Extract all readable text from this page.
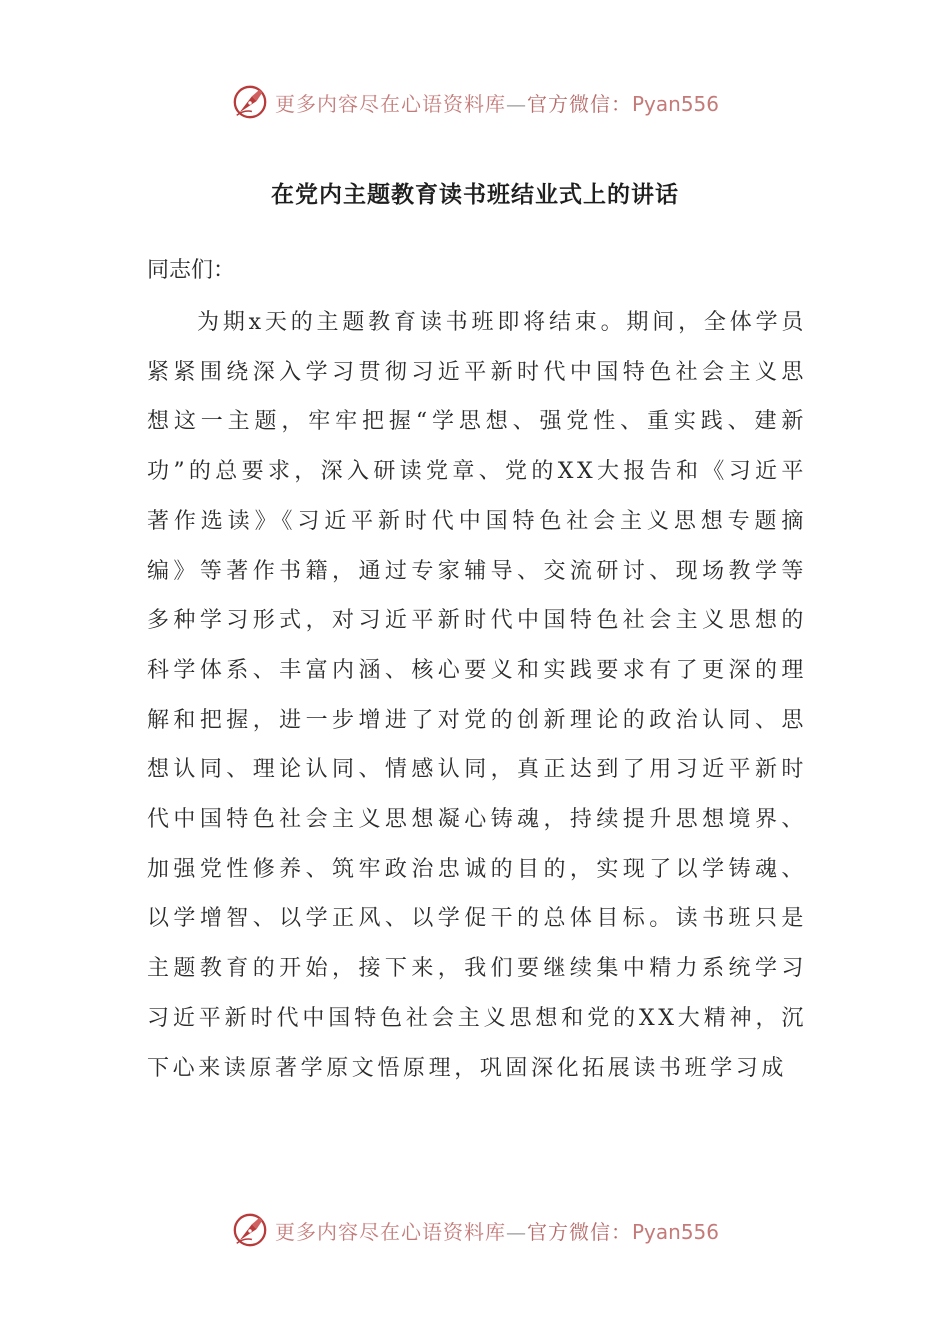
更多内容尽在心语资料库—官方微信：Pyan556
在党内主题教育读书班结业式上的讲话
同志们：
为期x天的主题教育读书班即将结束。期间，全体学员紧紧围绕深入学习贯彻习近平新时代中国特色社会主义思想这一主题，牢牢把握“学思想、强党性、重实践、建新功”的总要求，深入研读党章、党的XX大报告和《习近平著作选读》《习近平新时代中国特色社会主义思想专题摘编》等著作书籍，通过专家辅导、交流研讨、现场教学等多种学习形式，对习近平新时代中国特色社会主义思想的科学体系、丰富内涵、核心要义和实践要求有了更深的理解和把握，进一步增进了对党的创新理论的政治认同、思想认同、理论认同、情感认同，真正达到了用习近平新时代中国特色社会主义思想凝心铸魂，持续提升思想境界、加强党性修养、筑牢政治忠诚的目的，实现了以学铸魂、以学增智、以学正风、以学促干的总体目标。读书班只是主题教育的开始，接下来，我们要继续集中精力系统学习习近平新时代中国特色社会主义思想和党的XX大精神，沉下心来读原著学原文悟原理，巩固深化拓展读书班学习成
更多内容尽在心语资料库—官方微信：Pyan556
